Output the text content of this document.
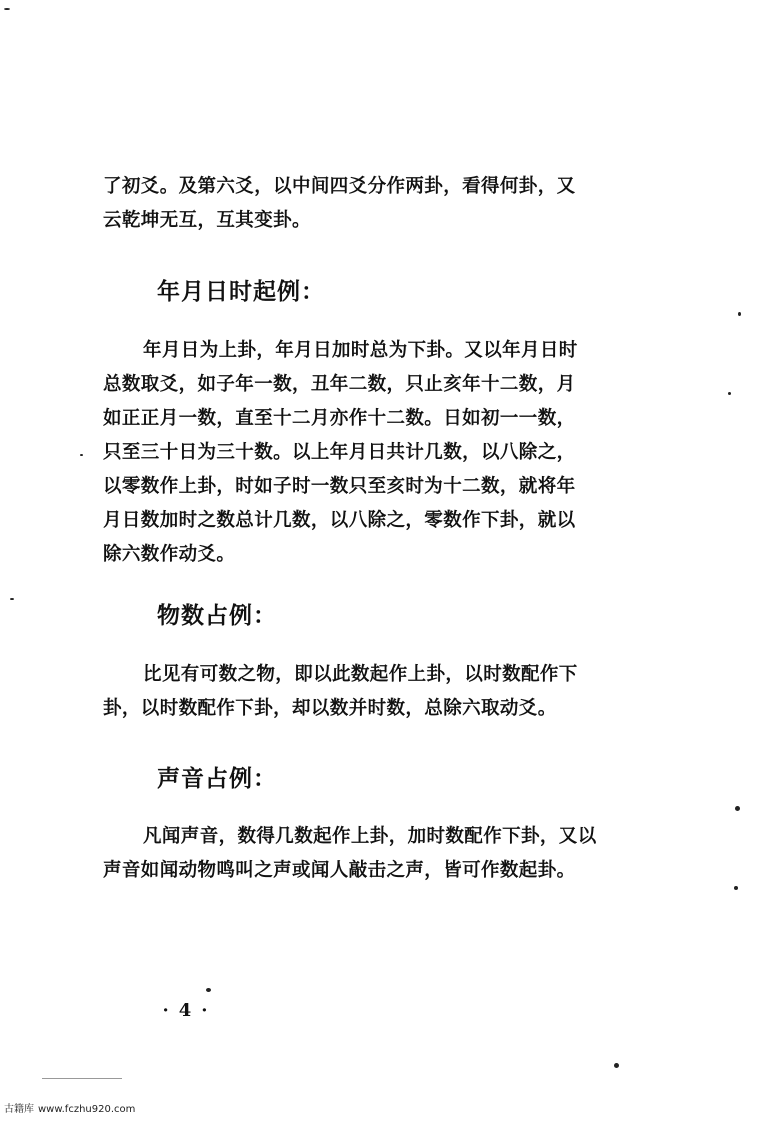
了初爻。及第六爻，以中间四爻分作两卦，看得何卦，又
云乾坤无互，互其变卦。
年月日时起例：
年月日为上卦，年月日加时总为下卦。又以年月日时
总数取爻，如子年一数，丑年二数，只止亥年十二数，月
如正正月一数，直至十二月亦作十二数。日如初一一数，
只至三十日为三十数。以上年月日共计几数，以八除之，
以零数作上卦，时如子时一数只至亥时为十二数，就将年
月日数加时之数总计几数，以八除之，零数作下卦，就以
除六数作动爻。
物数占例：
比见有可数之物，即以此数起作上卦，以时数配作下
卦，以时数配作下卦，却以数并时数，总除六取动爻。
声音占例：
凡闻声音，数得几数起作上卦，加时数配作下卦，又以
声音如闻动物鸣叫之声或闻人敲击之声，皆可作数起卦。
·4·
古籍库 www.fczhu920.com
